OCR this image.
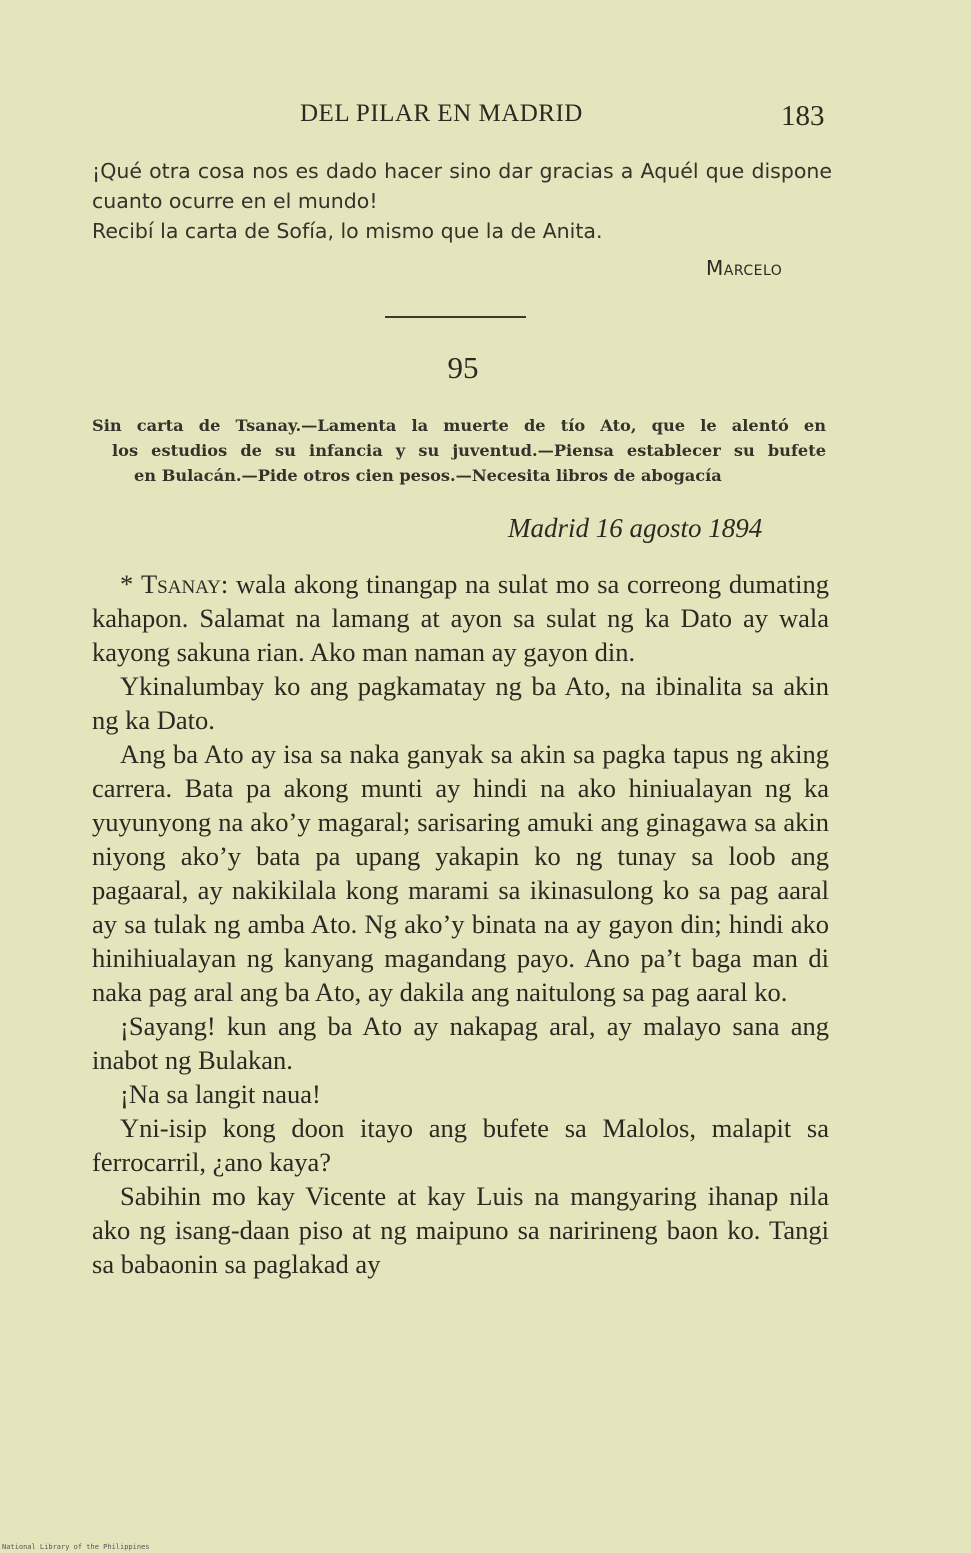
DEL PILAR EN MADRID	183

¡Qué otra cosa nos es dado hacer sino dar gracias a Aquél que dispone cuanto ocurre en el mundo!

Recibí la carta de Sofía, lo mismo que la de Anita.

Marcelo
95
Sin carta de Tsanay.—Lamenta la muerte de tío Ato, que le alentó en
los estudios de su infancia y su juventud.—Piensa establecer su bufete
en Bulacán.—Pide otros cien pesos.—Necesita libros de abogacía
Madrid 16 agosto 1894

* Tsanay: wala akong tinangap na sulat mo sa correong dumating kahapon. Salamat na lamang at ayon sa sulat ng ka Dato ay wala kayong sakuna rian. Ako man naman ay gayon din.

Ykinalumbay ko ang pagkamatay ng ba Ato, na ibinalita sa akin ng ka Dato.

Ang ba Ato ay isa sa naka ganyak sa akin sa pagka tapus ng aking carrera. Bata pa akong munti ay hindi na ako hiniualayan ng ka yuyunyong na ako’y magaral; sarisaring amuki ang ginagawa sa akin niyong ako’y bata pa upang yakapin ko ng tunay sa loob ang pagaaral, ay nakikilala kong marami sa ikinasulong ko sa pag aaral ay sa tulak ng amba Ato. Ng ako’y binata na ay gayon din; hindi ako hinihiualayan ng kanyang magandang payo. Ano pa’t baga man di naka pag aral ang ba Ato, ay dakila ang naitulong sa pag aaral ko.

¡Sayang! kun ang ba Ato ay nakapag aral, ay malayo sana ang inabot ng Bulakan.

¡Na sa langit naua!

Yni-isip kong doon itayo ang bufete sa Malolos, malapit sa ferrocarril, ¿ano kaya?

Sabihin mo kay Vicente at kay Luis na mangyaring ihanap nila ako ng isang-daan piso at ng maipuno sa naririneng baon ko. Tangi sa babaonin sa paglakad ay

National Library of the Philippines
